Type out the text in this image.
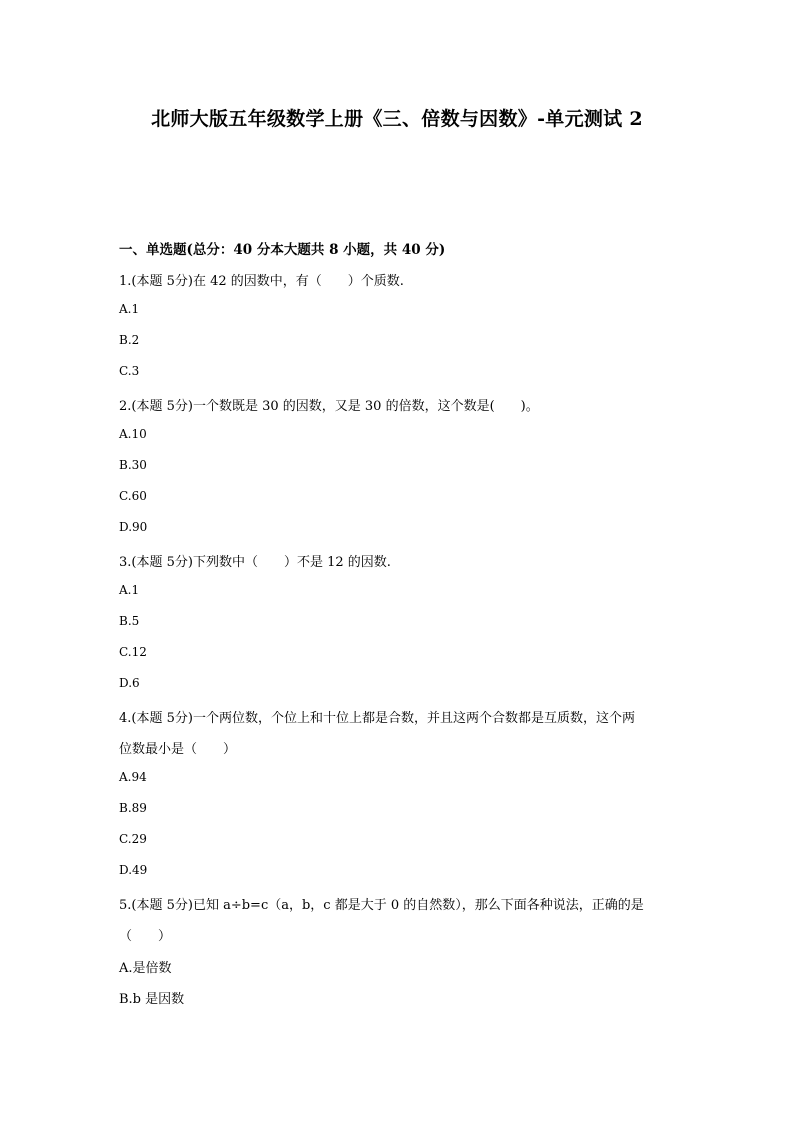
北师大版五年级数学上册《三、倍数与因数》-单元测试 2
一、单选题(总分：40 分本大题共 8 小题，共 40 分)
1.(本题 5分)在 42 的因数中，有（　　）个质数.
A.1
B.2
C.3
2.(本题 5分)一个数既是 30 的因数，又是 30 的倍数，这个数是(　　)。
A.10
B.30
C.60
D.90
3.(本题 5分)下列数中（　　）不是 12 的因数.
A.1
B.5
C.12
D.6
4.(本题 5分)一个两位数，个位上和十位上都是合数，并且这两个合数都是互质数，这个两
位数最小是（　　）
A.94
B.89
C.29
D.49
5.(本题 5分)已知 a÷b=c（a，b，c 都是大于 0 的自然数），那么下面各种说法，正确的是
（　　）
A.是倍数
B.b 是因数
